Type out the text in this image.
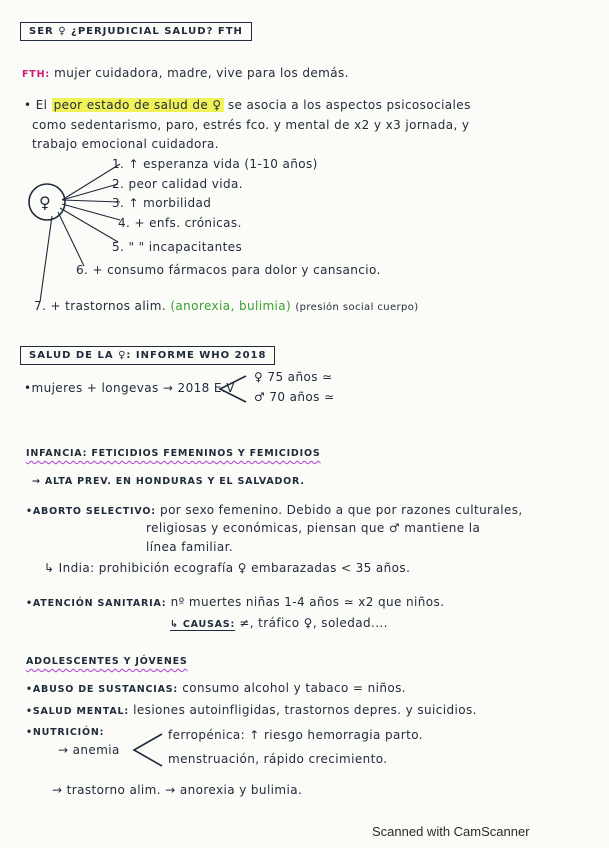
· · ·
SER ♀ ¿PERJUDICIAL SALUD? FTH
FTH: mujer cuidadora, madre, vive para los demás.
• El peor estado de salud de ♀ se asocia a los aspectos psicosociales
como sedentarismo, paro, estrés fco. y mental de x2 y x3 jornada, y
trabajo emocional cuidadora.
♀
1. ↑ esperanza vida (1-10 años)
2. peor calidad vida.
3. ↑ morbilidad
4. + enfs. crónicas.
5. " " incapacitantes
6. + consumo fármacos para dolor y cansancio.
7. + trastornos alim. (anorexia, bulimia) (presión social cuerpo)
SALUD DE LA ♀: INFORME WHO 2018
•mujeres + longevas → 2018 E.V
♀ 75 años ≃
♂ 70 años ≃
INFANCIA: FETICIDIOS FEMENINOS Y FEMICIDIOS
→ ALTA PREV. EN HONDURAS Y EL SALVADOR.
•ABORTO SELECTIVO: por sexo femenino. Debido a que por razones culturales,
religiosas y económicas, piensan que ♂ mantiene la
línea familiar.
↳ India: prohibición ecografía ♀ embarazadas < 35 años.
•ATENCIÓN SANITARIA: nº muertes niñas 1-4 años ≃ x2 que niños.
↳ CAUSAS: ≠, tráfico ♀, soledad....
ADOLESCENTES Y JÓVENES
•ABUSO DE SUSTANCIAS: consumo alcohol y tabaco = niños.
•SALUD MENTAL: lesiones autoinfligidas, trastornos depres. y suicidios.
•NUTRICIÓN:
→ anemia
ferropénica: ↑ riesgo hemorragia parto.
menstruación, rápido crecimiento.
→ trastorno alim. → anorexia y bulimia.
Scanned with CamScanner
